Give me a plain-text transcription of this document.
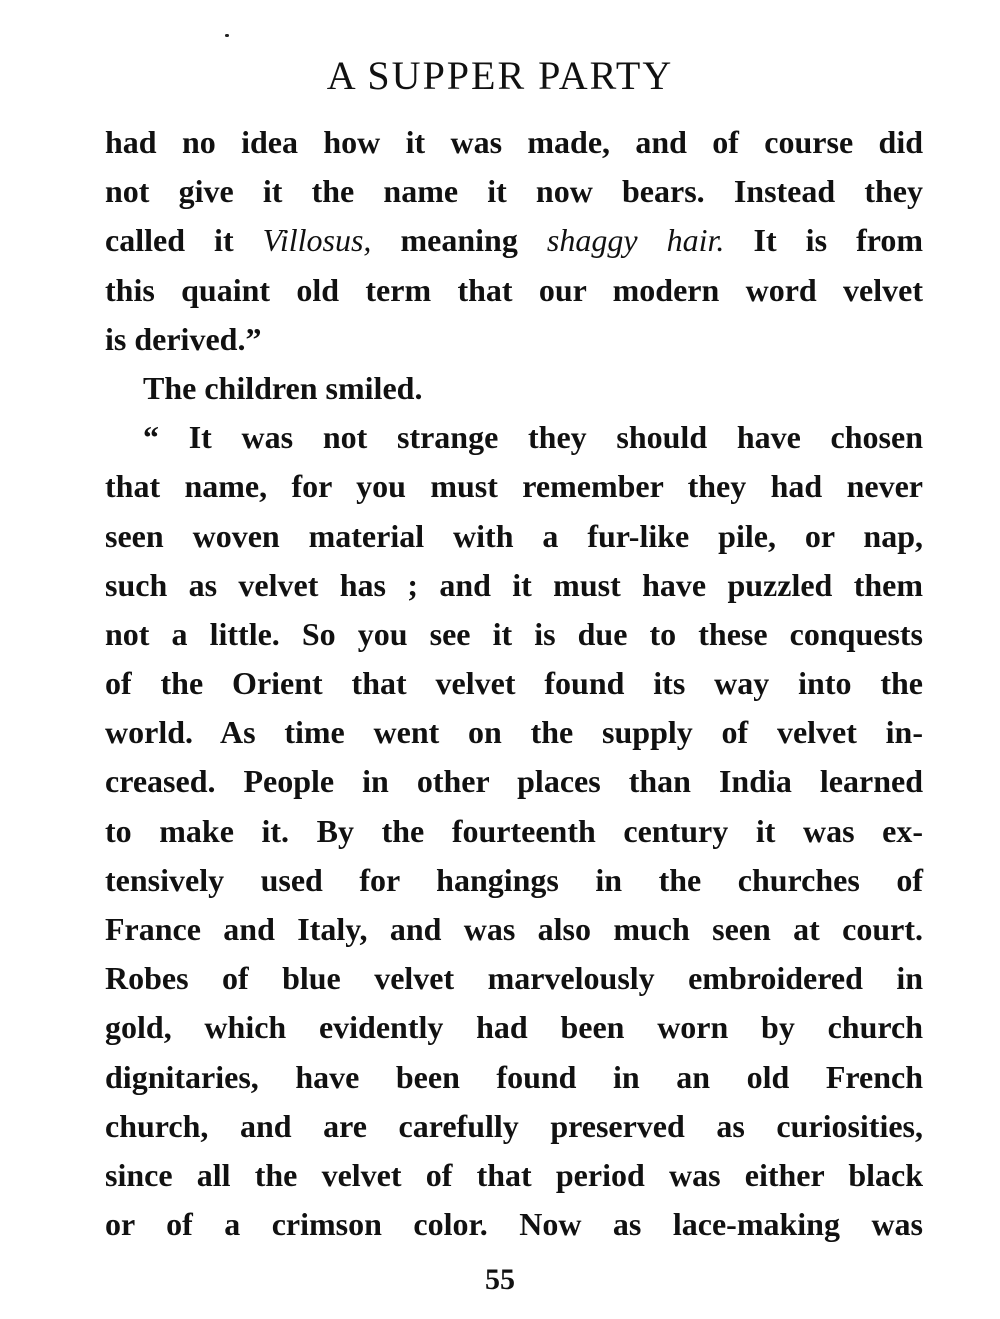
A SUPPER PARTY
had no idea how it was made, and of course did
not give it the name it now bears. Instead they
called it Villosus, meaning shaggy hair. It is from
this quaint old term that our modern word velvet
is derived.”
The children smiled.
“ It was not strange they should have chosen
that name, for you must remember they had never
seen woven material with a fur-like pile, or nap,
such as velvet has ; and it must have puzzled them
not a little. So you see it is due to these conquests
of the Orient that velvet found its way into the
world. As time went on the supply of velvet in-
creased. People in other places than India learned
to make it. By the fourteenth century it was ex-
tensively used for hangings in the churches of
France and Italy, and was also much seen at court.
Robes of blue velvet marvelously embroidered in
gold, which evidently had been worn by church
dignitaries, have been found in an old French
church, and are carefully preserved as curiosities,
since all the velvet of that period was either black
or of a crimson color. Now as lace-making was
55
